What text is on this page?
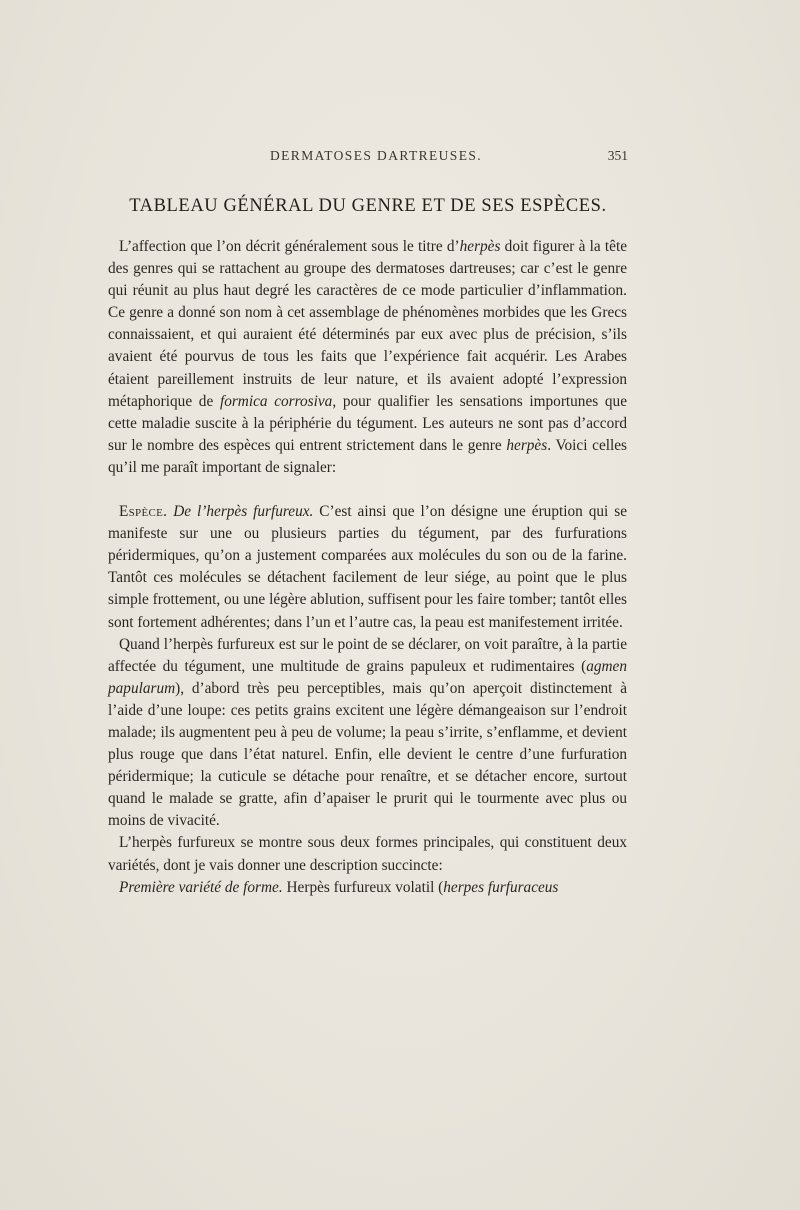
DERMATOSES DARTREUSES.	351
TABLEAU GÉNÉRAL DU GENRE ET DE SES ESPÈCES.

L’affection que l’on décrit généralement sous le titre d’herpès doit figurer à la tête des genres qui se rattachent au groupe des dermatoses dartreuses; car c’est le genre qui réunit au plus haut degré les caractères de ce mode particulier d’inflammation. Ce genre a donné son nom à cet assemblage de phénomènes morbides que les Grecs connaissaient, et qui auraient été déterminés par eux avec plus de précision, s’ils avaient été pourvus de tous les faits que l’expérience fait acquérir. Les Arabes étaient pareillement instruits de leur nature, et ils avaient adopté l’expression métaphorique de formica corrosiva, pour qualifier les sensations importunes que cette maladie suscite à la périphérie du tégument. Les auteurs ne sont pas d’accord sur le nombre des espèces qui entrent strictement dans le genre herpès. Voici celles qu’il me paraît important de signaler:

Espèce. De l’herpès furfureux. C’est ainsi que l’on désigne une éruption qui se manifeste sur une ou plusieurs parties du tégument, par des furfurations péridermiques, qu’on a justement comparées aux molécules du son ou de la farine. Tantôt ces molécules se détachent facilement de leur siége, au point que le plus simple frottement, ou une légère ablution, suffisent pour les faire tomber; tantôt elles sont fortement adhérentes; dans l’un et l’autre cas, la peau est manifestement irritée.

Quand l’herpès furfureux est sur le point de se déclarer, on voit paraître, à la partie affectée du tégument, une multitude de grains papuleux et rudimentaires (agmen papularum), d’abord très peu perceptibles, mais qu’on aperçoit distinctement à l’aide d’une loupe: ces petits grains excitent une légère démangeaison sur l’endroit malade; ils augmentent peu à peu de volume; la peau s’irrite, s’enflamme, et devient plus rouge que dans l’état naturel. Enfin, elle devient le centre d’une furfuration péridermique; la cuticule se détache pour renaître, et se détacher encore, surtout quand le malade se gratte, afin d’apaiser le prurit qui le tourmente avec plus ou moins de vivacité.

L’herpès furfureux se montre sous deux formes principales, qui constituent deux variétés, dont je vais donner une description succincte:

Première variété de forme. Herpès furfureux volatil (herpes furfuraceus
